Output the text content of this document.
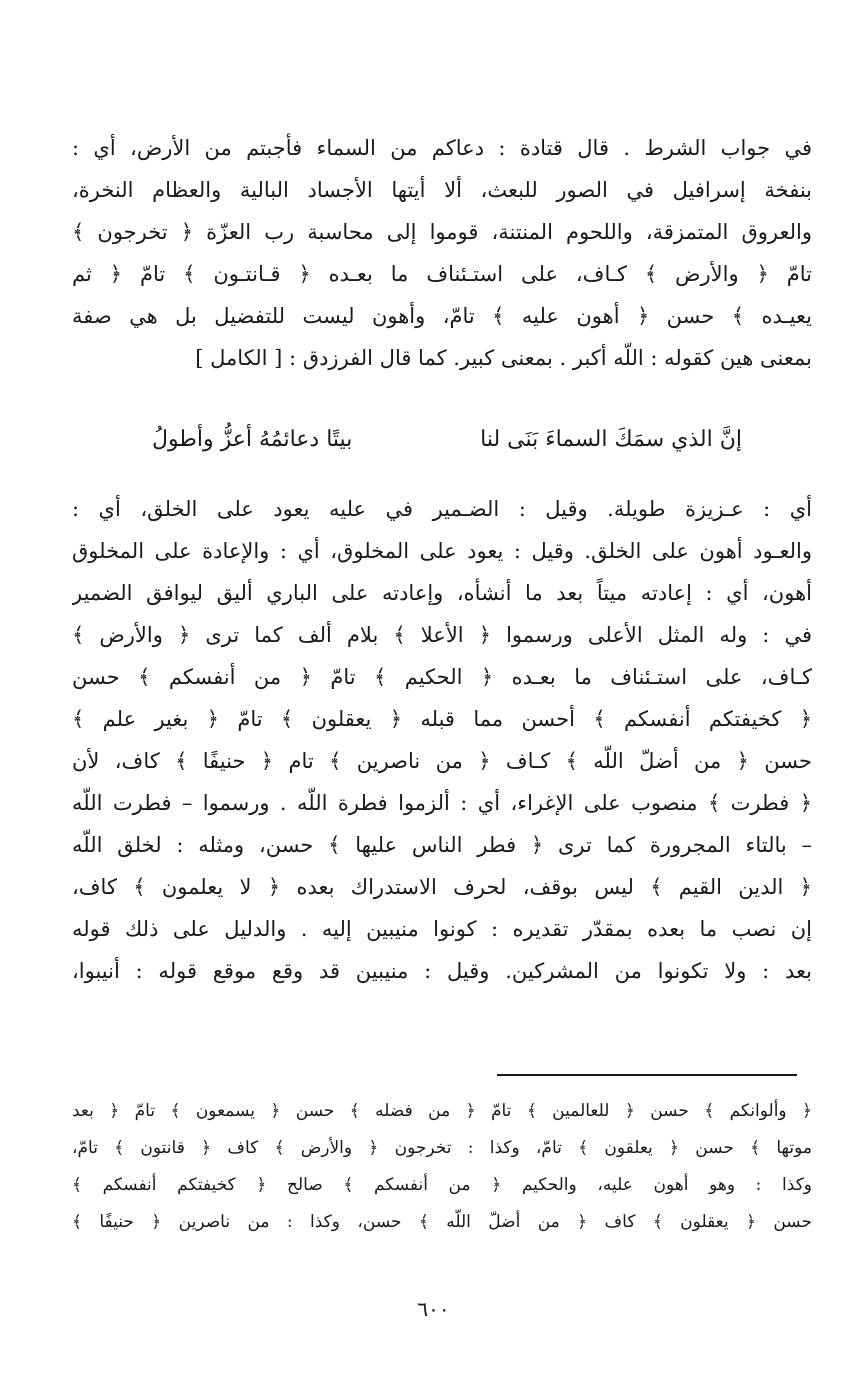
في جواب الشرط . قال قتادة : دعاكم من السماء فأجبتم من الأرض، أي :
بنفخة إسرافيل في الصور للبعث، ألا أيتها الأجساد البالية والعظام النخرة،
والعروق المتمزقة، واللحوم المنتنة، قوموا إلى محاسبة رب العزّة ﴿ تخرجون ﴾
تامّ ﴿ والأرض ﴾ كـاف، على استـئناف ما بعـده ﴿ قـانتـون ﴾ تامّ ﴿ ثم
يعيـده ﴾ حسن ﴿ أهون عليه ﴾ تامّ، وأهون ليست للتفضيل بل هي صفة
بمعنى هين كقوله : اللّه أكبر . بمعنى كبير. كما قال الفرزدق : [ الكامل ]
إنَّ الذي سمَكَ السماءَ بَنَى لنا
بيتًا دعائمُهُ أعزُّ وأطولُ
أي : عـزيزة طويلة. وقيل : الضـمير في عليه يعود على الخلق، أي :
والعـود أهون على الخلق. وقيل : يعود على المخلوق، أي : والإعادة على المخلوق
أهون، أي : إعادته ميتاً بعد ما أنشأه، وإعادته على الباري أليق ليوافق الضمير
في : وله المثل الأعلى ورسموا ﴿ الأعلا ﴾ بلام ألف كما ترى ﴿ والأرض ﴾
كـاف، على استـئناف ما بعـده ﴿ الحكيم ﴾ تامّ ﴿ من أنفسكم ﴾ حسن
﴿ كخيفتكم أنفسكم ﴾ أحسن مما قبله ﴿ يعقلون ﴾ تامّ ﴿ بغير علم ﴾
حسن ﴿ من أضلّ اللّه ﴾ كـاف ﴿ من ناصرين ﴾ تام ﴿ حنيفًا ﴾ كاف، لأن
﴿ فطرت ﴾ منصوب على الإغراء، أي : ألزموا فطرة اللّه . ورسموا – فطرت اللّه
– بالتاء المجرورة كما ترى ﴿ فطر الناس عليها ﴾ حسن، ومثله : لخلق اللّه
﴿ الدين القيم ﴾ ليس بوقف، لحرف الاستدراك بعده ﴿ لا يعلمون ﴾ كاف،
إن نصب ما بعده بمقدّر تقديره : كونوا منيبين إليه . والدليل على ذلك قوله
بعد : ولا تكونوا من المشركين. وقيل : منيبين قد وقع موقع قوله : أنيبوا،
﴿ وألوانكم ﴾ حسن ﴿ للعالمين ﴾ تامّ ﴿ من فضله ﴾ حسن ﴿ يسمعون ﴾ تامّ ﴿ بعد
موتها ﴾ حسن ﴿ يعلقون ﴾ تامّ، وكذا : تخرجون ﴿ والأرض ﴾ كاف ﴿ قانتون ﴾ تامّ،
وكذا : وهو أهون عليه، والحكيم ﴿ من أنفسكم ﴾ صالح ﴿ كخيفتكم أنفسكم ﴾
حسن ﴿ يعقلون ﴾ كاف ﴿ من أضلّ اللّه ﴾ حسن، وكذا : من ناصرين ﴿ حنيفًا ﴾
٦٠٠
